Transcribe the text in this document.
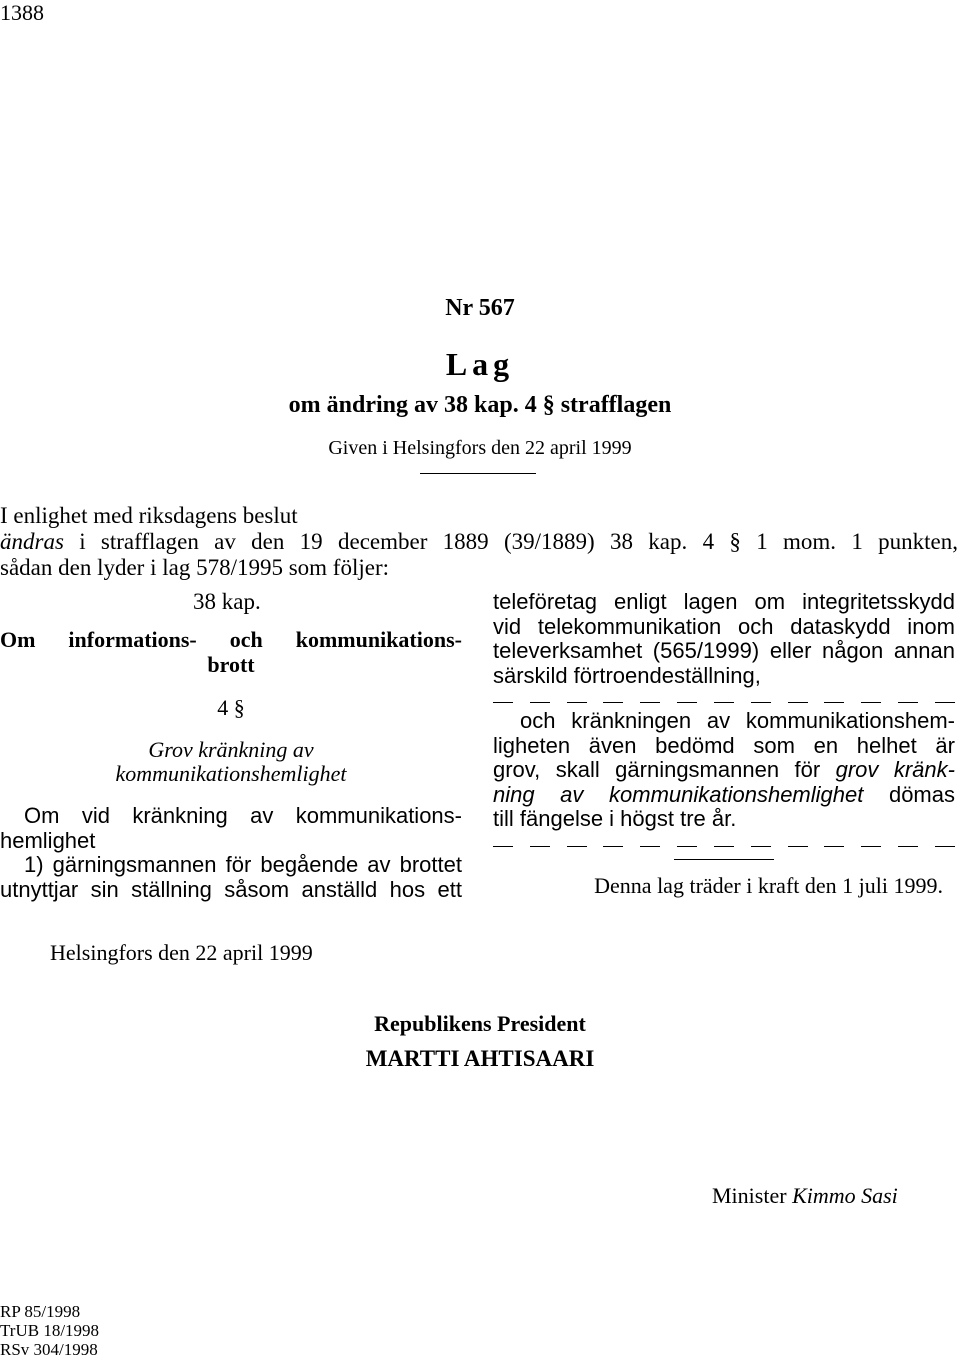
1388
Nr 567
Lag
om ändring av 38 kap. 4 § strafflagen
Given i Helsingfors den 22 april 1999
I enlighet med riksdagens beslut
ändras i strafflagen av den 19 december 1889 (39/1889) 38 kap. 4 § 1 mom. 1 punkten,
sådan den lyder i lag 578/1995 som följer:
38 kap.
Om informations- och kommunikations-
brott
4 §
Grov kränkning av
kommunikationshemlighet
Om vid kränkning av kommunikations-
hemlighet
1) gärningsmannen för begående av brottet
utnyttjar sin ställning såsom anställd hos ett
teleföretag enligt lagen om integritetsskydd
vid telekommunikation och dataskydd inom
televerksamhet (565/1999) eller någon annan
särskild förtroendeställning,
och kränkningen av kommunikationshem-
ligheten även bedömd som en helhet är
grov, skall gärningsmannen för grov kränk-
ning av kommunikationshemlighet dömas
till fängelse i högst tre år.
Denna lag träder i kraft den 1 juli 1999.
Helsingfors den 22 april 1999
Republikens President
MARTTI AHTISAARI
Minister Kimmo Sasi
RP 85/1998
TrUB 18/1998
RSv 304/1998
